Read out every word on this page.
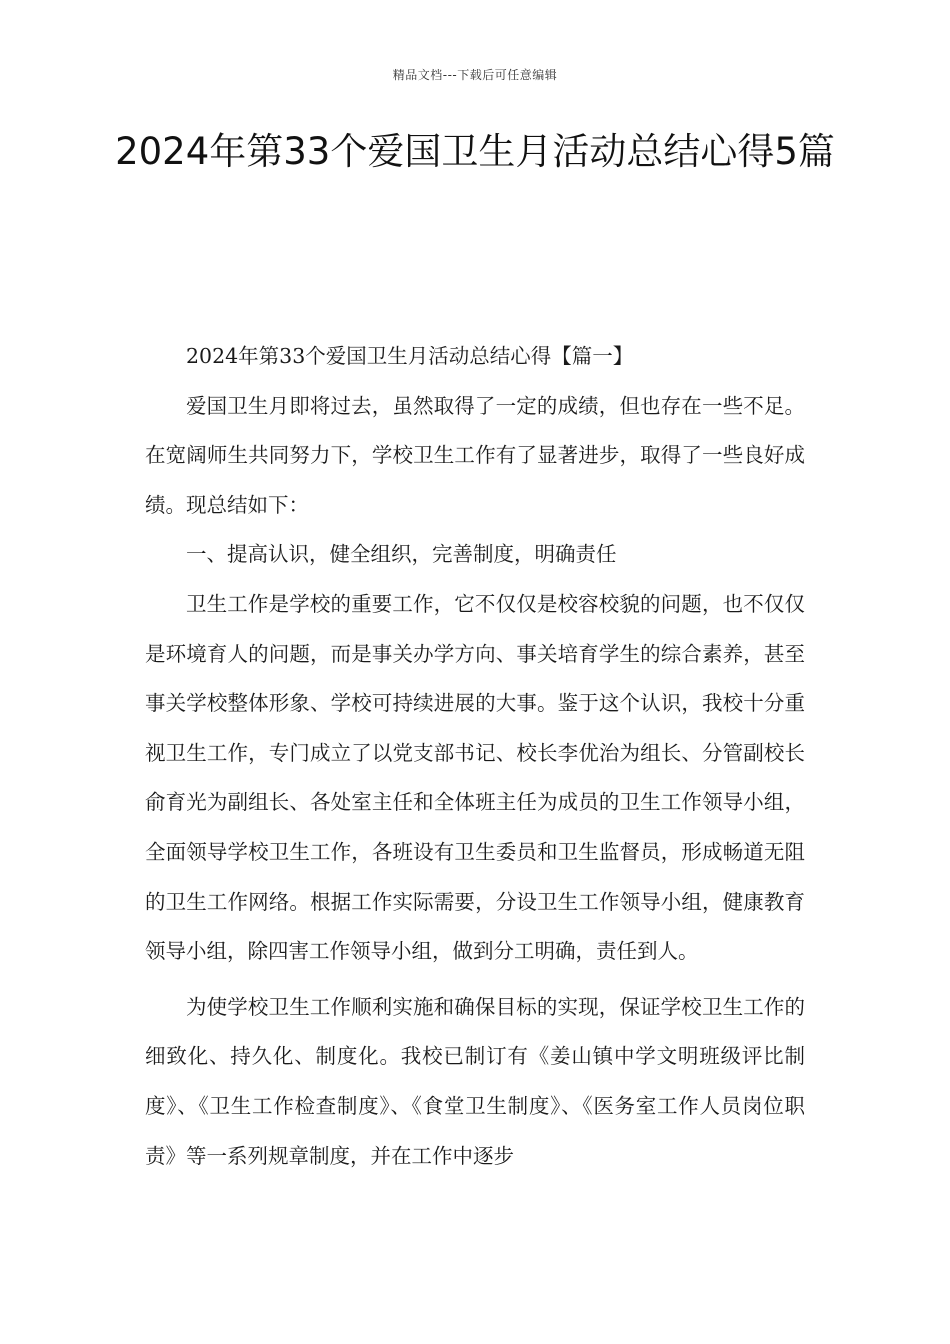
精品文档---下载后可任意编辑
2024年第33个爱国卫生月活动总结心得5篇

2024年第33个爱国卫生月活动总结心得【篇一】

爱国卫生月即将过去，虽然取得了一定的成绩，但也存在一些不足。在宽阔师生共同努力下，学校卫生工作有了显著进步，取得了一些良好成绩。现总结如下：

一、提高认识，健全组织，完善制度，明确责任

卫生工作是学校的重要工作，它不仅仅是校容校貌的问题，也不仅仅是环境育人的问题，而是事关办学方向、事关培育学生的综合素养，甚至事关学校整体形象、学校可持续进展的大事。鉴于这个认识，我校十分重视卫生工作，专门成立了以党支部书记、校长李优治为组长、分管副校长俞育光为副组长、各处室主任和全体班主任为成员的卫生工作领导小组，全面领导学校卫生工作，各班设有卫生委员和卫生监督员，形成畅道无阻的卫生工作网络。根据工作实际需要，分设卫生工作领导小组，健康教育领导小组，除四害工作领导小组，做到分工明确，责任到人。

为使学校卫生工作顺利实施和确保目标的实现，保证学校卫生工作的细致化、持久化、制度化。我校已制订有《姜山镇中学文明班级评比制度》、《卫生工作检查制度》、《食堂卫生制度》、《医务室工作人员岗位职责》等一系列规章制度，并在工作中逐步
